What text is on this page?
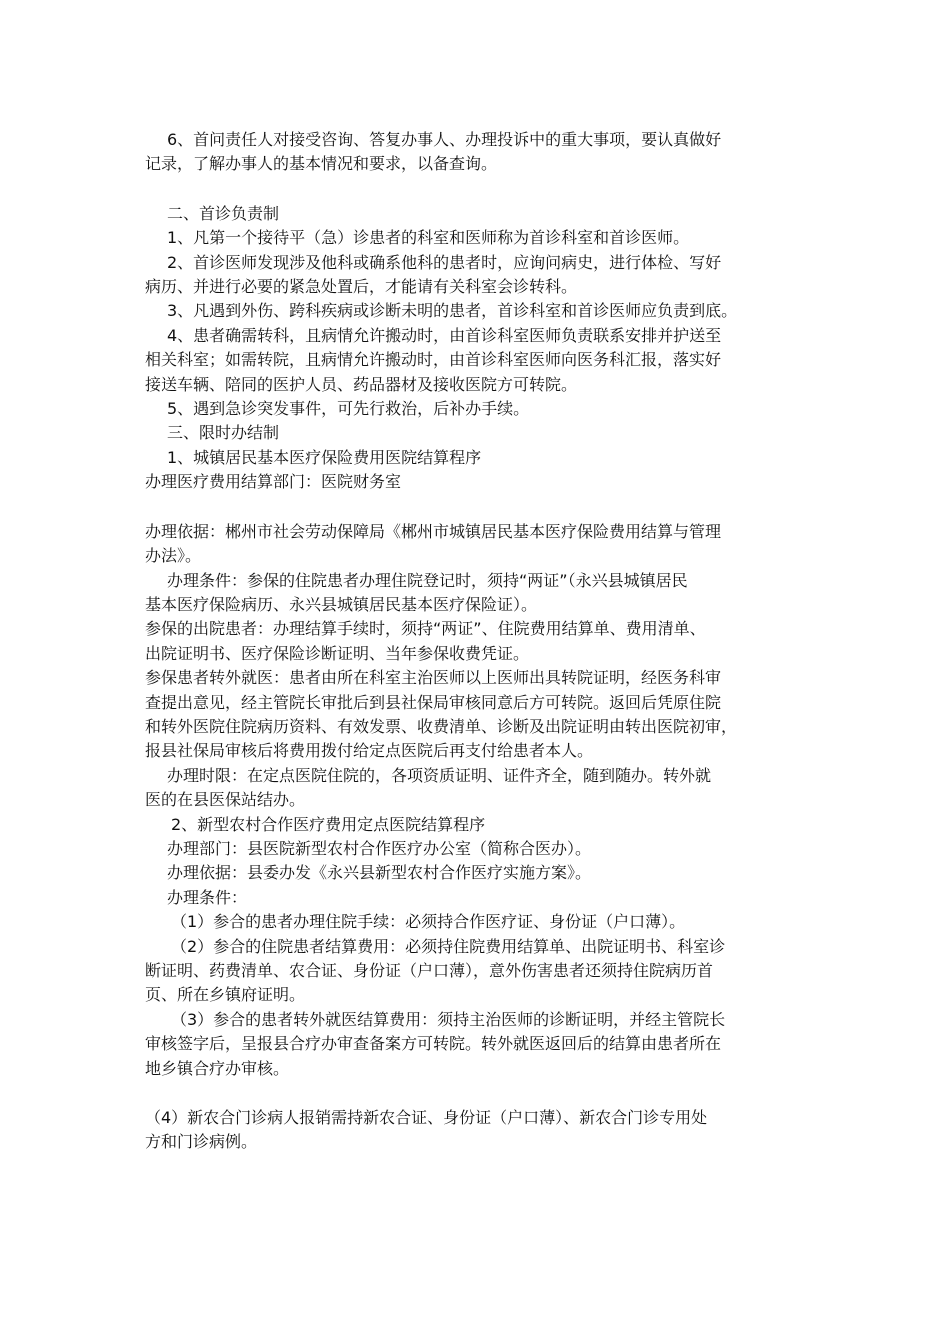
6、首问责任人对接受咨询、答复办事人、办理投诉中的重大事项，要认真做好

记录，了解办事人的基本情况和要求，以备查询。

二、首诊负责制

1、凡第一个接待平（急）诊患者的科室和医师称为首诊科室和首诊医师。

2、首诊医师发现涉及他科或确系他科的患者时，应询问病史，进行体检、写好

病历、并进行必要的紧急处置后，才能请有关科室会诊转科。

3、凡遇到外伤、跨科疾病或诊断未明的患者，首诊科室和首诊医师应负责到底。

4、患者确需转科，且病情允许搬动时，由首诊科室医师负责联系安排并护送至

相关科室；如需转院，且病情允许搬动时，由首诊科室医师向医务科汇报，落实好

接送车辆、陪同的医护人员、药品器材及接收医院方可转院。

5、遇到急诊突发事件，可先行救治，后补办手续。

三、限时办结制

1、城镇居民基本医疗保险费用医院结算程序

办理医疗费用结算部门：医院财务室

办理依据：郴州市社会劳动保障局《郴州市城镇居民基本医疗保险费用结算与管理

办法》。

办理条件：参保的住院患者办理住院登记时，须持“两证”（永兴县城镇居民

基本医疗保险病历、永兴县城镇居民基本医疗保险证）。

参保的出院患者：办理结算手续时，须持“两证”、住院费用结算单、费用清单、

出院证明书、医疗保险诊断证明、当年参保收费凭证。

参保患者转外就医：患者由所在科室主治医师以上医师出具转院证明，经医务科审

查提出意见，经主管院长审批后到县社保局审核同意后方可转院。返回后凭原住院

和转外医院住院病历资料、有效发票、收费清单、诊断及出院证明由转出医院初审，

报县社保局审核后将费用拨付给定点医院后再支付给患者本人。

办理时限：在定点医院住院的，各项资质证明、证件齐全，随到随办。转外就

医的在县医保站结办。

2、新型农村合作医疗费用定点医院结算程序

办理部门：县医院新型农村合作医疗办公室（简称合医办）。

办理依据：县委办发《永兴县新型农村合作医疗实施方案》。

办理条件：

（1）参合的患者办理住院手续：必须持合作医疗证、身份证（户口薄）。

（2）参合的住院患者结算费用：必须持住院费用结算单、出院证明书、科室诊

断证明、药费清单、农合证、身份证（户口薄），意外伤害患者还须持住院病历首

页、所在乡镇府证明。

（3）参合的患者转外就医结算费用：须持主治医师的诊断证明，并经主管院长

审核签字后，呈报县合疗办审查备案方可转院。转外就医返回后的结算由患者所在

地乡镇合疗办审核。

（4）新农合门诊病人报销需持新农合证、身份证（户口薄）、新农合门诊专用处

方和门诊病例。
